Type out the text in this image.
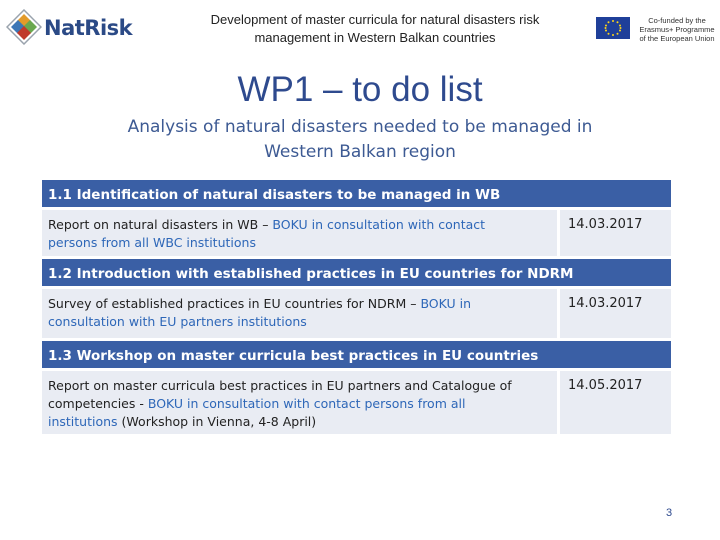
NatRisk	Development of master curricula for natural disasters risk
management in Western Balkan countries
Co-funded by the
Erasmus+ Programme
of the European Union
WP1 – to do list
Analysis of natural disasters needed to be managed in
Western Balkan region
1.1 Identification of natural disasters to be managed in WB
Report on natural disasters in WB – BOKU in consultation with contact
persons from all WBC institutions
14.03.2017
1.2 Introduction with established practices in EU countries for NDRM
Survey of established practices in EU countries for NDRM – BOKU in
consultation with EU partners institutions
14.03.2017
1.3 Workshop on master curricula best practices in EU countries
Report on master curricula best practices in EU partners and Catalogue of
competencies - BOKU in consultation with contact persons from all
institutions (Workshop in Vienna, 4-8 April)
14.05.2017
3
